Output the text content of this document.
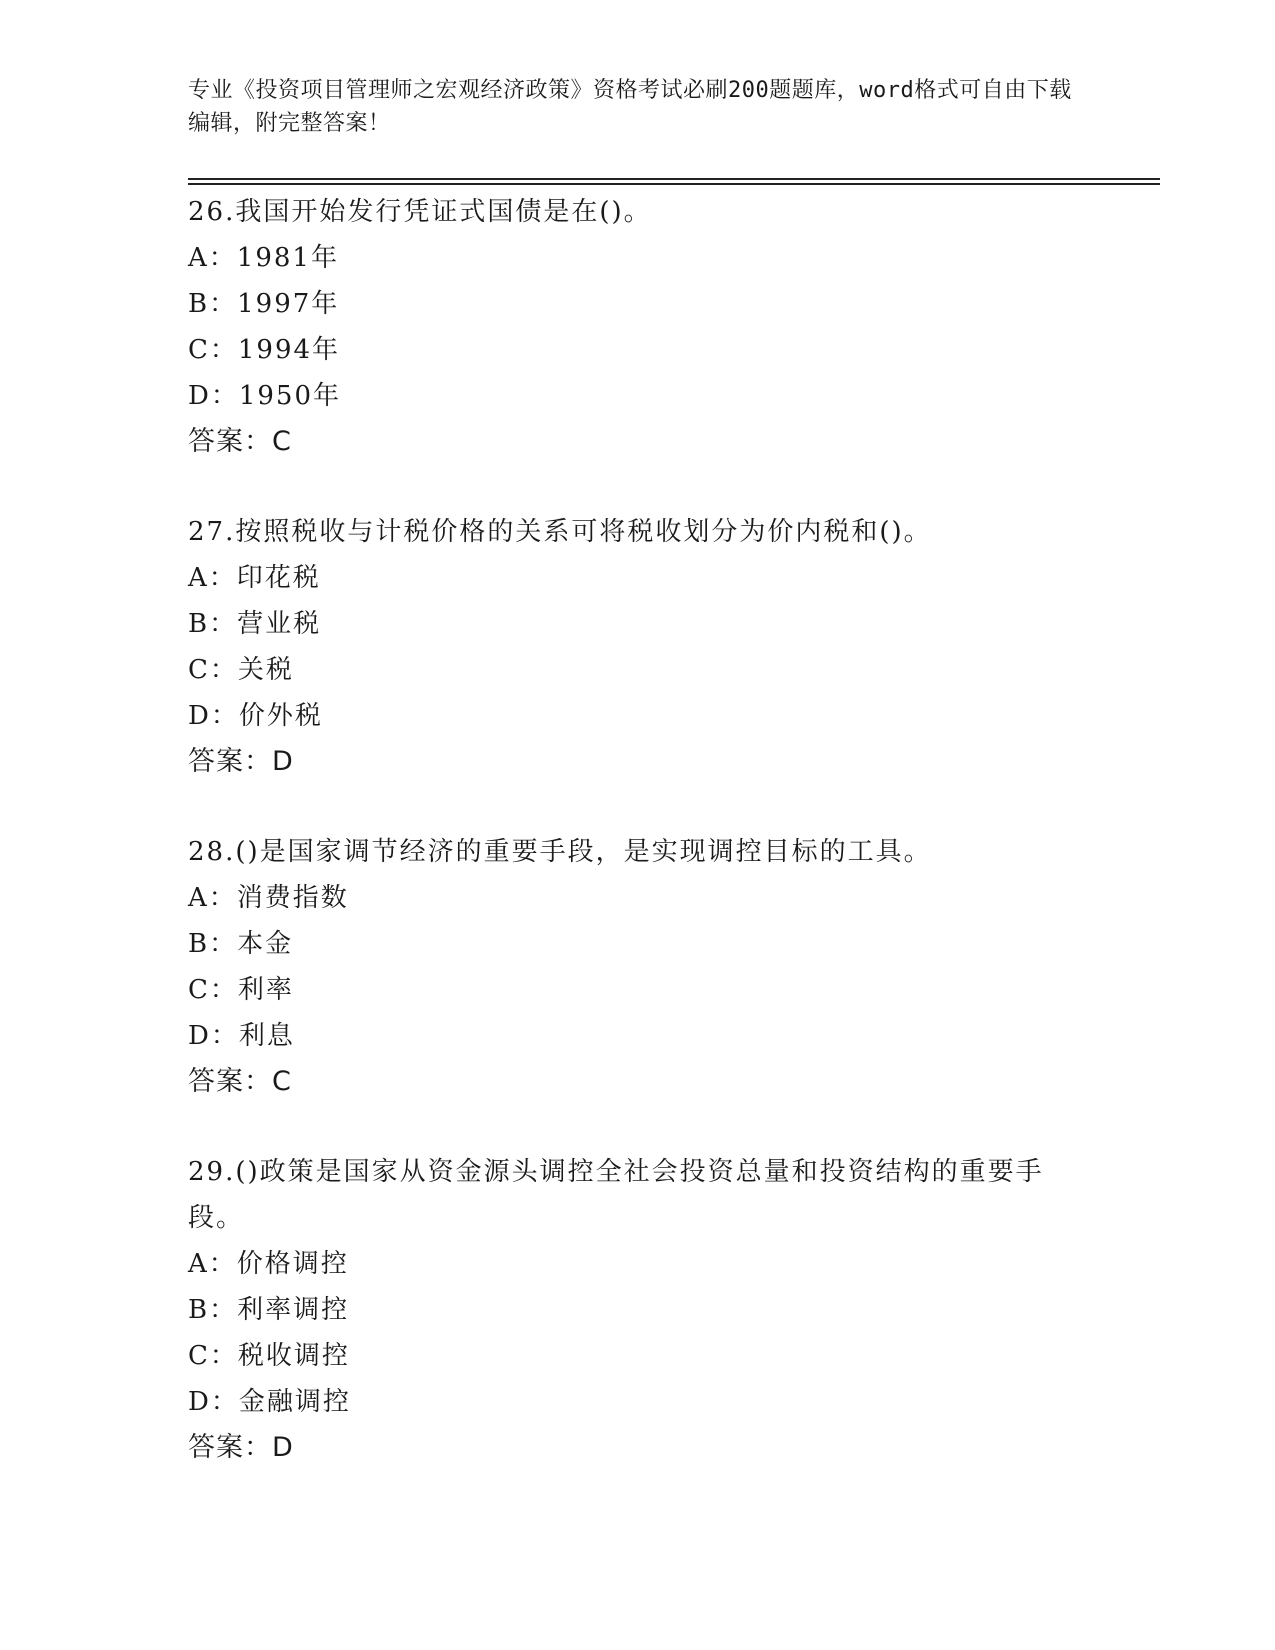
专业《投资项目管理师之宏观经济政策》资格考试必刷200题题库，word格式可自由下载编辑，附完整答案！
26.我国开始发行凭证式国债是在()。
A：1981年
B：1997年
C：1994年
D：1950年
答案：C
27.按照税收与计税价格的关系可将税收划分为价内税和()。
A：印花税
B：营业税
C：关税
D：价外税
答案：D
28.()是国家调节经济的重要手段，是实现调控目标的工具。
A：消费指数
B：本金
C：利率
D：利息
答案：C
29.()政策是国家从资金源头调控全社会投资总量和投资结构的重要手段。
A：价格调控
B：利率调控
C：税收调控
D：金融调控
答案：D
